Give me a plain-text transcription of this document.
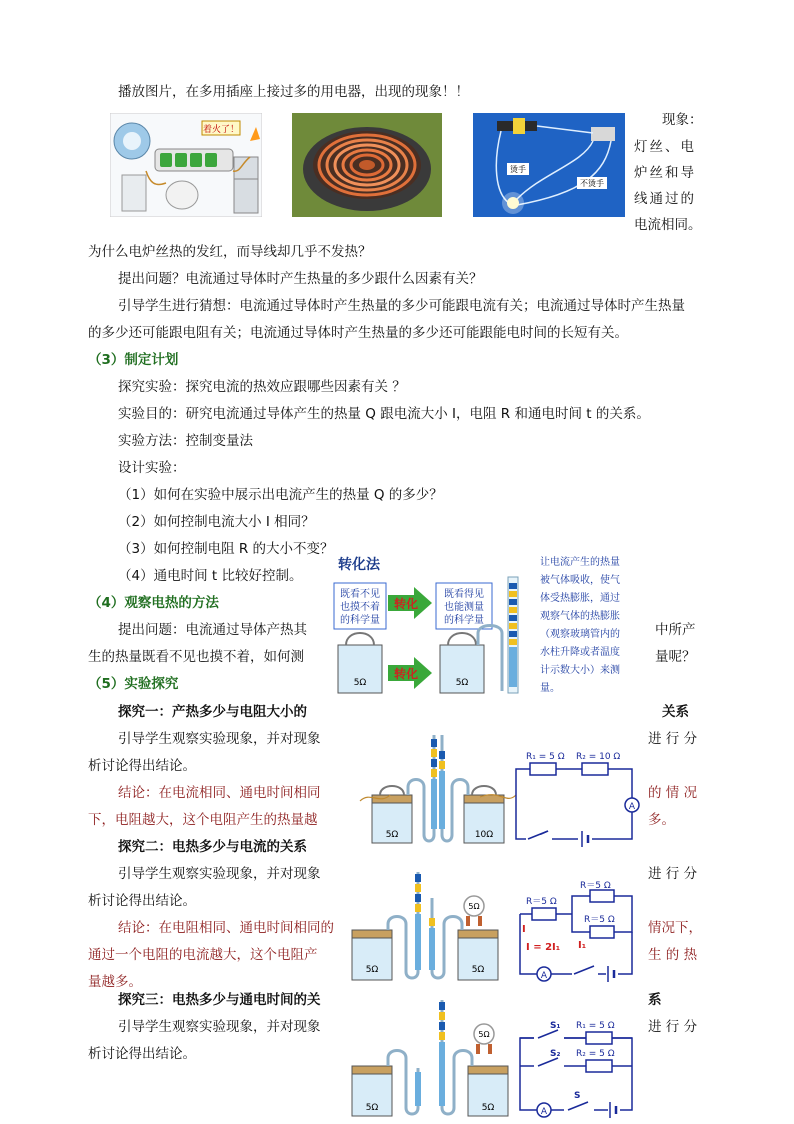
播放图片，在多用插座上接过多的用电器，出现的现象！！
着火了！
烫手
不烫手
现象：
灯丝、电
炉丝和导
线通过的
电流相同。
为什么电炉丝热的发红，而导线却几乎不发热？
提出问题？电流通过导体时产生热量的多少跟什么因素有关？
引导学生进行猜想：电流通过导体时产生热量的多少可能跟电流有关；电流通过导体时产生热量
的多少还可能跟电阻有关；电流通过导体时产生热量的多少还可能跟能电时间的长短有关。
（3）制定计划
探究实验：探究电流的热效应跟哪些因素有关 ？
实验目的：研究电流通过导体产生的热量 Q 跟电流大小 I，电阻 R 和通电时间 t 的关系。
实验方法：控制变量法
设计实验：
（1）如何在实验中展示出电流产生的热量 Q 的多少？
（2）如何控制电流大小 I 相同？
（3）如何控制电阻 R 的大小不变？
（4）通电时间 t 比较好控制。
（4）观察电热的方法
提出问题：电流通过导体产热其	中所产
生的热量既看不见也摸不着，如何测	量呢？
（5）实验探究
转化法
既看不见
也摸不着
的科学量
转化
既看得见
也能测量
的科学量
5Ω
转化
5Ω
让电流产生的热量
被气体吸收，使气
体受热膨胀，通过
观察气体的热膨胀
（观察玻璃管内的
水柱升降或者温度
计示数大小）来测
量。
探究一：产热多少与电阻大小的	关系
引导学生观察实验现象，并对现象	进 行 分
析讨论得出结论。
结论：在电流相同、通电时间相同	的 情 况
下，电阻越大，这个电阻产生的热量越	多。
5Ω	10Ω
R₁ = 5 Ω R₂ = 10 Ω
A
探究二：电热多少与电流的关系
引导学生观察实验现象，并对现象	进 行 分
析讨论得出结论。
结论：在电阻相同、通电时间相同的	情况下，
通过一个电阻的电流越大，这个电阻产	生 的 热
量越多。
5Ω	5Ω
5Ω	R＝5 Ω
R＝5 Ω
R＝5 Ω
I
I₁
I = 2I₁
A
探究三：电热多少与通电时间的关	系
引导学生观察实验现象，并对现象	进 行 分
析讨论得出结论。
5Ω	5Ω
5Ω
S₁ R₁ = 5 Ω
S₂ R₂ = 5 Ω
A
S
